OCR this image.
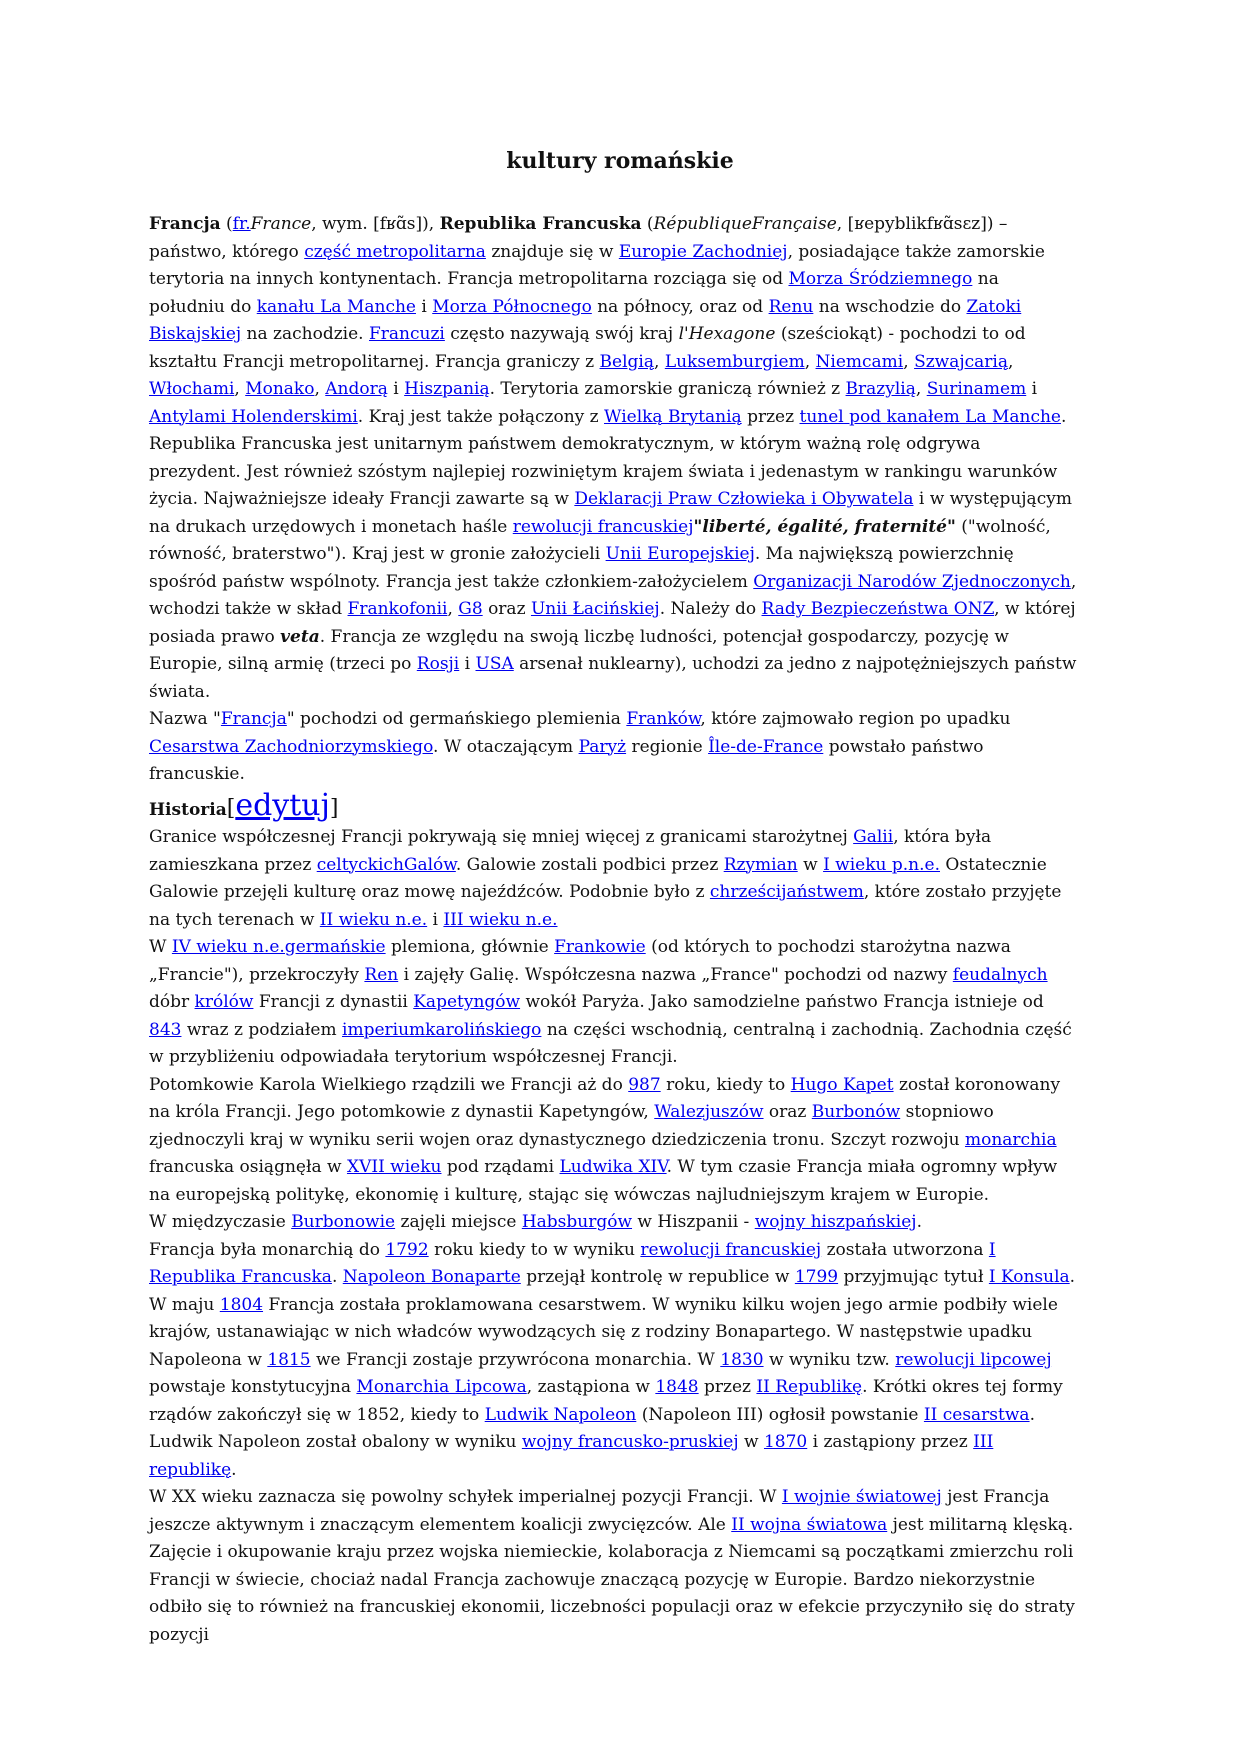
kultury romańskie

Francja (fr.France, wym. [fʁɑ̃s]), Republika Francuska (RépubliqueFrançaise, [ʁepyblikfʁɑ̃sɛz]) – państwo, którego część metropolitarna znajduje się w Europie Zachodniej, posiadające także zamorskie terytoria na innych kontynentach. Francja metropolitarna rozciąga się od Morza Śródziemnego na południu do kanału La Manche i Morza Północnego na północy, oraz od Renu na wschodzie do Zatoki Biskajskiej na zachodzie. Francuzi często nazywają swój kraj l'Hexagone (sześciokąt) - pochodzi to od kształtu Francji metropolitarnej. Francja graniczy z Belgią, Luksemburgiem, Niemcami, Szwajcarią, Włochami, Monako, Andorą i Hiszpanią. Terytoria zamorskie graniczą również z Brazylią, Surinamem i Antylami Holenderskimi. Kraj jest także połączony z Wielką Brytanią przez tunel pod kanałem La Manche.

Republika Francuska jest unitarnym państwem demokratycznym, w którym ważną rolę odgrywa prezydent. Jest również szóstym najlepiej rozwiniętym krajem świata i jedenastym w rankingu warunków życia. Najważniejsze ideały Francji zawarte są w Deklaracji Praw Człowieka i Obywatela i w występującym na drukach urzędowych i monetach haśle rewolucji francuskiej"liberté, égalité, fraternité" ("wolność, równość, braterstwo"). Kraj jest w gronie założycieli Unii Europejskiej. Ma największą powierzchnię spośród państw wspólnoty. Francja jest także członkiem-założycielem Organizacji Narodów Zjednoczonych, wchodzi także w skład Frankofonii, G8 oraz Unii Łacińskiej. Należy do Rady Bezpieczeństwa ONZ, w której posiada prawo veta. Francja ze względu na swoją liczbę ludności, potencjał gospodarczy, pozycję w Europie, silną armię (trzeci po Rosji i USA arsenał nuklearny), uchodzi za jedno z najpotężniejszych państw świata.

Nazwa "Francja" pochodzi od germańskiego plemienia Franków, które zajmowało region po upadku Cesarstwa Zachodniorzymskiego. W otaczającym Paryż regionie Île-de-France powstało państwo francuskie.

Historia[edytuj]

Granice współczesnej Francji pokrywają się mniej więcej z granicami starożytnej Galii, która była zamieszkana przez celtyckichGalów. Galowie zostali podbici przez Rzymian w I wieku p.n.e. Ostatecznie Galowie przejęli kulturę oraz mowę najeźdźców. Podobnie było z chrześcijaństwem, które zostało przyjęte na tych terenach w II wieku n.e. i III wieku n.e.

W IV wieku n.e.germańskie plemiona, głównie Frankowie (od których to pochodzi starożytna nazwa „Francie"), przekroczyły Ren i zajęły Galię. Współczesna nazwa „France" pochodzi od nazwy feudalnych dóbr królów Francji z dynastii Kapetyngów wokół Paryża. Jako samodzielne państwo Francja istnieje od 843 wraz z podziałem imperiumkarolińskiego na części wschodnią, centralną i zachodnią. Zachodnia część w przybliżeniu odpowiadała terytorium współczesnej Francji.

Potomkowie Karola Wielkiego rządzili we Francji aż do 987 roku, kiedy to Hugo Kapet został koronowany na króla Francji. Jego potomkowie z dynastii Kapetyngów, Walezjuszów oraz Burbonów stopniowo zjednoczyli kraj w wyniku serii wojen oraz dynastycznego dziedziczenia tronu. Szczyt rozwoju monarchia francuska osiągnęła w XVII wieku pod rządami Ludwika XIV. W tym czasie Francja miała ogromny wpływ na europejską politykę, ekonomię i kulturę, stając się wówczas najludniejszym krajem w Europie.

W międzyczasie Burbonowie zajęli miejsce Habsburgów w Hiszpanii - wojny hiszpańskiej.

Francja była monarchią do 1792 roku kiedy to w wyniku rewolucji francuskiej została utworzona I Republika Francuska. Napoleon Bonaparte przejął kontrolę w republice w 1799 przyjmując tytuł I Konsula. W maju 1804 Francja została proklamowana cesarstwem. W wyniku kilku wojen jego armie podbiły wiele krajów, ustanawiając w nich władców wywodzących się z rodziny Bonapartego. W następstwie upadku Napoleona w 1815 we Francji zostaje przywrócona monarchia. W 1830 w wyniku tzw. rewolucji lipcowej powstaje konstytucyjna Monarchia Lipcowa, zastąpiona w 1848 przez II Republikę. Krótki okres tej formy rządów zakończył się w 1852, kiedy to Ludwik Napoleon (Napoleon III) ogłosił powstanie II cesarstwa. Ludwik Napoleon został obalony w wyniku wojny francusko-pruskiej w 1870 i zastąpiony przez III republikę.

W XX wieku zaznacza się powolny schyłek imperialnej pozycji Francji. W I wojnie światowej jest Francja jeszcze aktywnym i znaczącym elementem koalicji zwycięzców. Ale II wojna światowa jest militarną klęską. Zajęcie i okupowanie kraju przez wojska niemieckie, kolaboracja z Niemcami są początkami zmierzchu roli Francji w świecie, chociaż nadal Francja zachowuje znaczącą pozycję w Europie. Bardzo niekorzystnie odbiło się to również na francuskiej ekonomii, liczebności populacji oraz w efekcie przyczyniło się do straty pozycji
